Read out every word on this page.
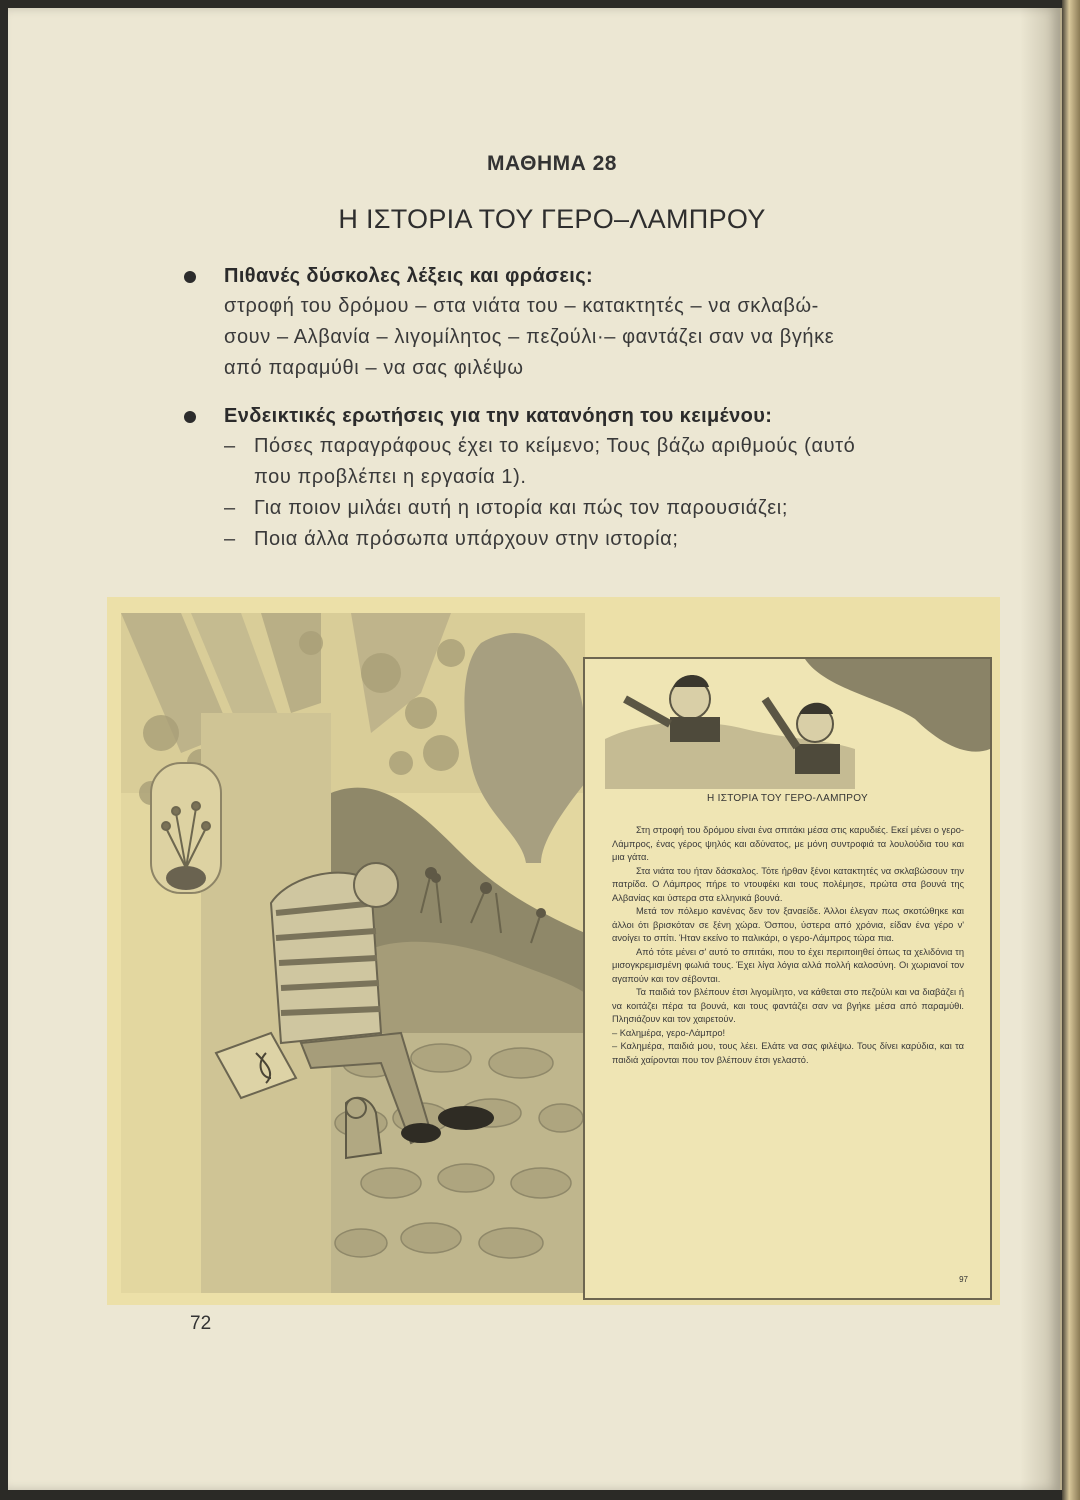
ΜΑΘΗΜΑ 28
Η ΙΣΤΟΡΙΑ ΤΟΥ ΓΕΡΟ–ΛΑΜΠΡΟΥ
Πιθανές δύσκολες λέξεις και φράσεις:
στροφή του δρόμου – στα νιάτα του – κατακτητές – να σκλαβώ-
σουν – Αλβανία – λιγομίλητος – πεζούλι·– φαντάζει σαν να βγήκε
από παραμύθι – να σας φιλέψω
Ενδεικτικές ερωτήσεις για την κατανόηση του κειμένου:
– Πόσες παραγράφους έχει το κείμενο; Τους βάζω αριθμούς (αυτό
που προβλέπει η εργασία 1).
– Για ποιον μιλάει αυτή η ιστορία και πώς τον παρουσιάζει;
– Ποια άλλα πρόσωπα υπάρχουν στην ιστορία;
Η ΙΣΤΟΡΙΑ ΤΟΥ ΓΕΡΟ-ΛΑΜΠΡΟΥ

Στη στροφή του δρόμου είναι ένα σπιτάκι μέσα στις καρυδιές. Εκεί μένει ο γερο-Λάμπρος, ένας γέρος ψηλός και αδύνατος, με μόνη συντροφιά τα λουλούδια του και μια γάτα.

Στα νιάτα του ήταν δάσκαλος. Τότε ήρθαν ξένοι κατακτητές να σκλαβώσουν την πατρίδα. Ο Λάμπρος πήρε το ντουφέκι και τους πολέμησε, πρώτα στα βουνά της Αλβανίας και ύστερα στα ελληνικά βουνά.

Μετά τον πόλεμο κανένας δεν τον ξαναείδε. Άλλοι έλεγαν πως σκοτώθηκε και άλλοι ότι βρισκόταν σε ξένη χώρα. Όσπου, ύστερα από χρόνια, είδαν ένα γέρο ν' ανοίγει το σπίτι. Ήταν εκείνο το παλικάρι, ο γερο-Λάμπρος τώρα πια.

Από τότε μένει σ' αυτό το σπιτάκι, που το έχει περιποιηθεί όπως τα χελιδόνια τη μισογκρεμισμένη φωλιά τους. Έχει λίγα λόγια αλλά πολλή καλοσύνη. Οι χωριανοί τον αγαπούν και τον σέβονται.

Τα παιδιά τον βλέπουν έτσι λιγομίλητο, να κάθεται στο πεζούλι και να διαβάζει ή να κοιτάζει πέρα τα βουνά, και τους φαντάζει σαν να βγήκε μέσα από παραμύθι. Πλησιάζουν και τον χαιρετούν.

– Καλημέρα, γερο-Λάμπρο!

– Καλημέρα, παιδιά μου, τους λέει. Ελάτε να σας φιλέψω. Τους δίνει καρύδια, και τα παιδιά χαίρονται που τον βλέπουν έτσι γελαστό.

97
72
